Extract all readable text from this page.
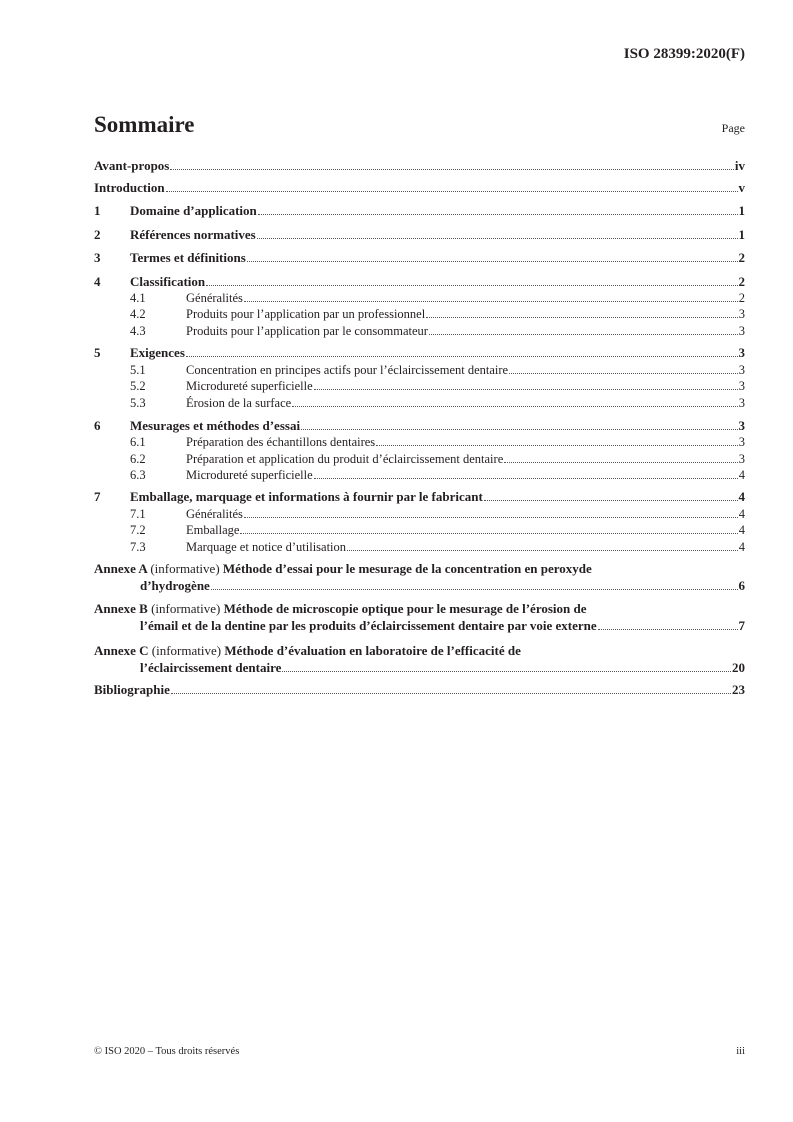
ISO 28399:2020(F)
Sommaire	Page
Avant-propos	iv
Introduction	v
1	Domaine d’application	1
2	Références normatives	1
3	Termes et définitions	2
4	Classification	2
4.1	Généralités	2
4.2	Produits pour l’application par un professionnel	3
4.3	Produits pour l’application par le consommateur	3
5	Exigences	3
5.1	Concentration en principes actifs pour l’éclaircissement dentaire	3
5.2	Microdureté superficielle	3
5.3	Érosion de la surface	3
6	Mesurages et méthodes d’essai	3
6.1	Préparation des échantillons dentaires	3
6.2	Préparation et application du produit d’éclaircissement dentaire	3
6.3	Microdureté superficielle	4
7	Emballage, marquage et informations à fournir par le fabricant	4
7.1	Généralités	4
7.2	Emballage	4
7.3	Marquage et notice d’utilisation	4
Annexe A (informative) Méthode d’essai pour le mesurage de la concentration en peroxyde
d’hydrogène	6
Annexe B (informative) Méthode de microscopie optique pour le mesurage de l’érosion de
l’émail et de la dentine par les produits d’éclaircissement dentaire par voie externe	7
Annexe C (informative) Méthode d’évaluation en laboratoire de l’efficacité de
l’éclaircissement dentaire	20
Bibliographie	23
© ISO 2020 – Tous droits réservés	iii
